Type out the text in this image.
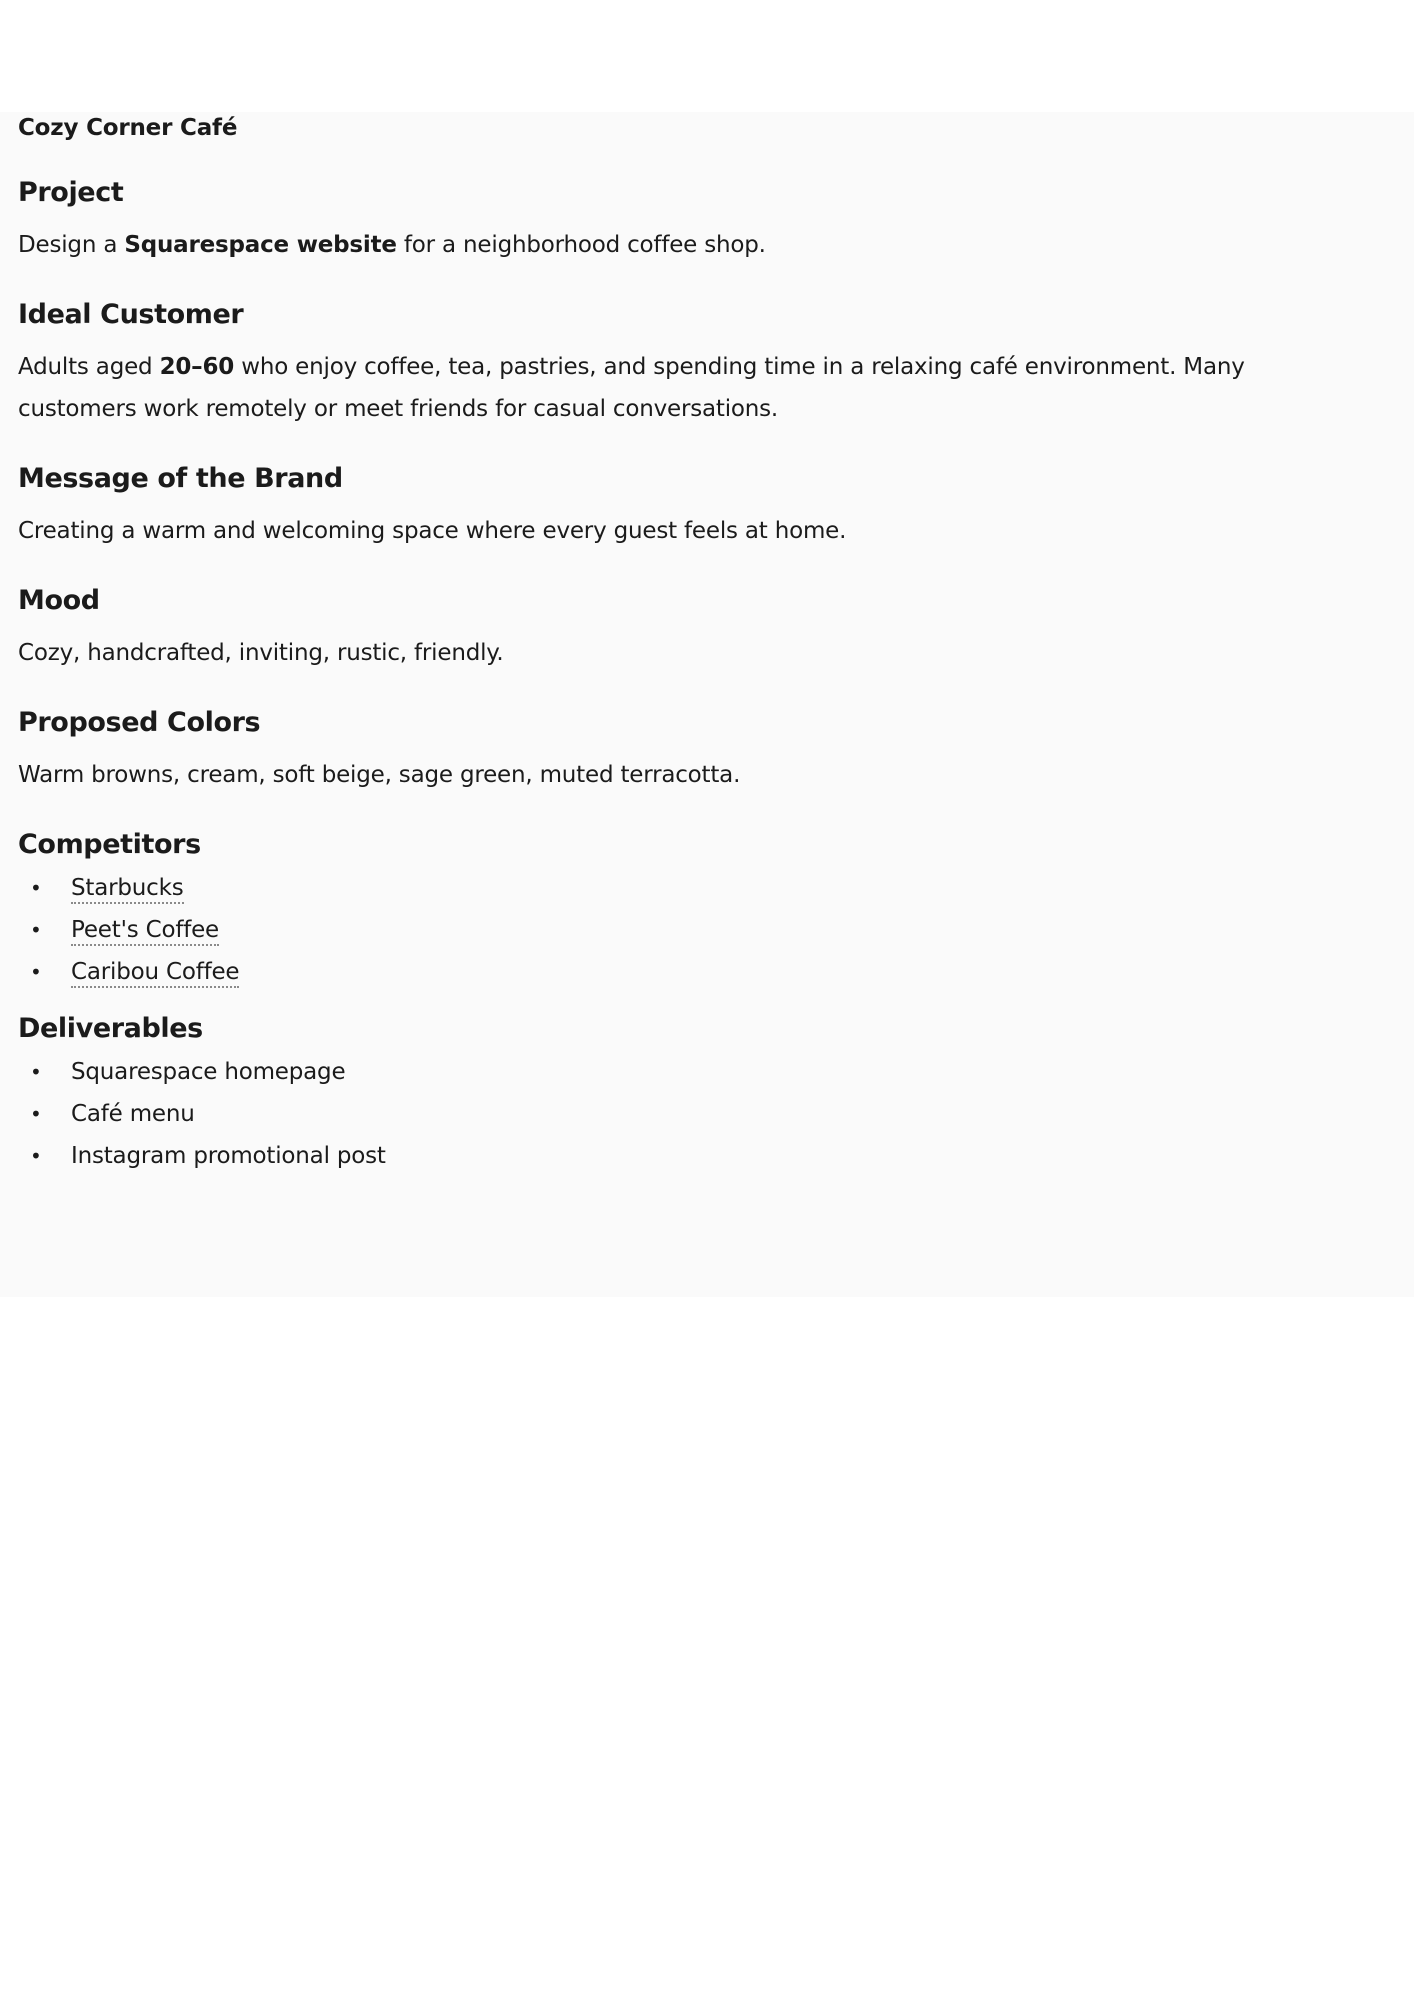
Cozy Corner Café
Project

Design a Squarespace website for a neighborhood coffee shop.

Ideal Customer

Adults aged 20–60 who enjoy coffee, tea, pastries, and spending time in a relaxing café environment. Many customers work remotely or meet friends for casual conversations.

Message of the Brand

Creating a warm and welcoming space where every guest feels at home.

Mood

Cozy, handcrafted, inviting, rustic, friendly.

Proposed Colors

Warm browns, cream, soft beige, sage green, muted terracotta.

Competitors
• Starbucks
• Peet's Coffee
• Caribou Coffee
Deliverables
• Squarespace homepage
• Café menu
• Instagram promotional post
